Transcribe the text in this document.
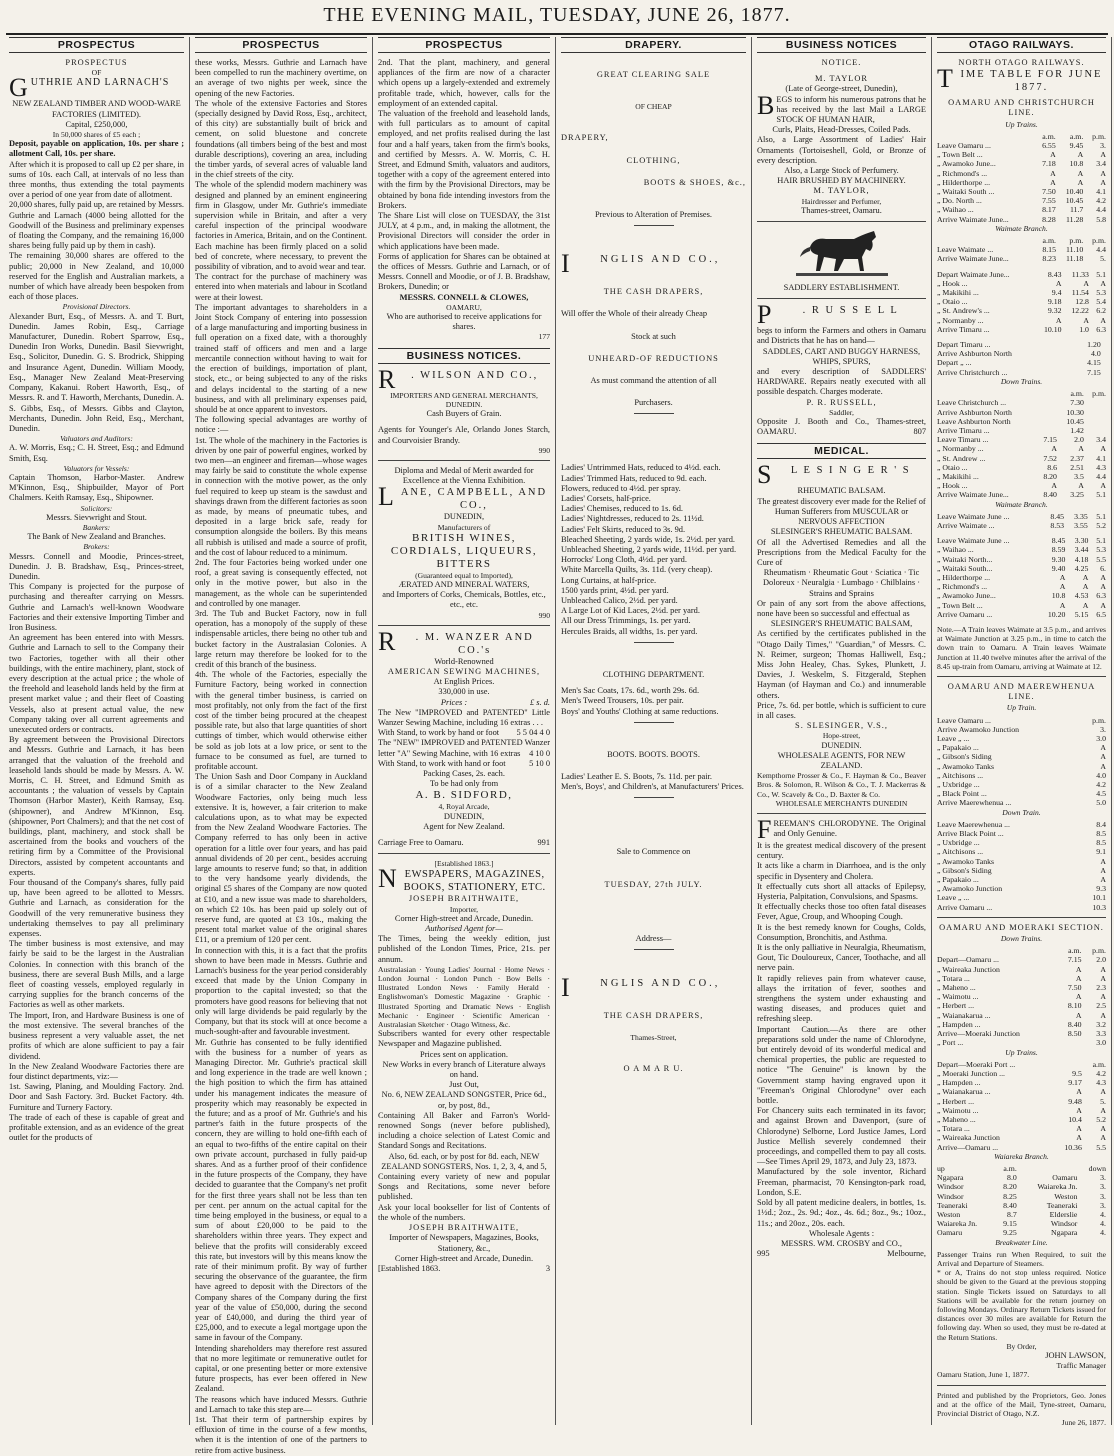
THE EVENING MAIL, TUESDAY, JUNE 26, 1877.
PROSPECTUS

PROSPECTUS

OF

GUTHRIE AND LARNACH'S

NEW ZEALAND TIMBER AND WOOD-WARE FACTORIES (LIMITED).

Capital, £250,000,

In 50,000 shares of £5 each ;

Deposit, payable on application, 10s. per share ; allotment Call, 10s. per share.

After which it is proposed to call up £2 per share, in sums of 10s. each Call, at intervals of no less than three months, thus extending the total payments over a period of one year from date of allotment.

20,000 shares, fully paid up, are retained by Messrs. Guthrie and Larnach (4000 being allotted for the Goodwill of the Business and preliminary expenses of floating the Company, and the remaining 16,000 shares being fully paid up by them in cash).

The remaining 30,000 shares are offered to the public; 20,000 in New Zealand, and 10,000 reserved for the English and Australian markets, a number of which have already been bespoken from each of those places.

Provisional Directors.

Alexander Burt, Esq., of Messrs. A. and T. Burt, Dunedin. James Robin, Esq., Carriage Manufacturer, Dunedin. Robert Sparrow, Esq., Dunedin Iron Works, Dunedin. Basil Sievwright, Esq., Solicitor, Dunedin. G. S. Brodrick, Shipping and Insurance Agent, Dunedin. William Moody, Esq., Manager New Zealand Meat-Preserving Company, Kakanui. Robert Haworth, Esq., of Messrs. R. and T. Haworth, Merchants, Dunedin. A. S. Gibbs, Esq., of Messrs. Gibbs and Clayton, Merchants, Dunedin. John Reid, Esq., Merchant, Dunedin.

Valuators and Auditors:

A. W. Morris, Esq.; C. H. Street, Esq.; and Edmund Smith, Esq.

Valuators for Vessels:

Captain Thomson, Harbor-Master. Andrew M'Kinnon, Esq., Shipbuilder, Mayor of Port Chalmers. Keith Ramsay, Esq., Shipowner.

Solicitors:

Messrs. Sievwright and Stout.

Bankers:

The Bank of New Zealand and Branches.

Brokers:

Messrs. Connell and Moodie, Princes-street, Dunedin. J. B. Bradshaw, Esq., Princes-street, Dunedin.

This Company is projected for the purpose of purchasing and thereafter carrying on Messrs. Guthrie and Larnach's well-known Woodware Factories and their extensive Importing Timber and Iron Business.

An agreement has been entered into with Messrs. Guthrie and Larnach to sell to the Company their two Factories, together with all their other buildings, with the entire machinery, plant, stock of every description at the actual price ; the whole of the freehold and leasehold lands held by the firm at present market value ; and their fleet of Coasting Vessels, also at present actual value, the new Company taking over all current agreements and unexecuted orders or contracts.

By agreement between the Provisional Directors and Messrs. Guthrie and Larnach, it has been arranged that the valuation of the freehold and leasehold lands should be made by Messrs. A. W. Morris, C. H. Street, and Edmund Smith as accountants ; the valuation of vessels by Captain Thomson (Harbor Master), Keith Ramsay, Esq. (shipowner), and Andrew M'Kinnon, Esq. (shipowner, Port Chalmers); and that the net cost of buildings, plant, machinery, and stock shall be ascertained from the books and vouchers of the retiring firm by a Committee of the Provisional Directors, assisted by competent accountants and experts.

Four thousand of the Company's shares, fully paid up, have been agreed to be allotted to Messrs. Guthrie and Larnach, as consideration for the Goodwill of the very remunerative business they undertaking themselves to pay all preliminary expenses.

The timber business is most extensive, and may fairly be said to be the largest in the Australian Colonies. In connection with this branch of the business, there are several Bush Mills, and a large fleet of coasting vessels, employed regularly in carrying supplies for the branch concerns of the Factories as well as other markets.

The Import, Iron, and Hardware Business is one of the most extensive. The several branches of the business represent a very valuable asset, the net profits of which are alone sufficient to pay a fair dividend.

In the New Zealand Woodware Factories there are four distinct departments, viz:—

1st. Sawing, Planing, and Moulding Factory. 2nd. Door and Sash Factory. 3rd. Bucket Factory. 4th. Furniture and Turnery Factory.

The trade of each of these is capable of great and profitable extension, and as an evidence of the great outlet for the products of

PROSPECTUS

these works, Messrs. Guthrie and Larnach have been compelled to run the machinery overtime, on an average of two nights per week, since the opening of the new Factories.

The whole of the extensive Factories and Stores (specially designed by David Ross, Esq., architect, of this city) are substantially built of brick and cement, on solid bluestone and concrete foundations (all timbers being of the best and most durable descriptions), covering an area, including the timber yards, of several acres of valuable land in the chief streets of the city.

The whole of the splendid modern machinery was designed and planned by an eminent engineering firm in Glasgow, under Mr. Guthrie's immediate supervision while in Britain, and after a very careful inspection of the principal woodware factories in America, Britain, and on the Continent. Each machine has been firmly placed on a solid bed of concrete, where necessary, to prevent the possibility of vibration, and to avoid wear and tear.

The contract for the purchase of machinery was entered into when materials and labour in Scotland were at their lowest.

The important advantages to shareholders in a Joint Stock Company of entering into possession of a large manufacturing and importing business in full operation on a fixed date, with a thoroughly trained staff of officers and men and a large mercantile connection without having to wait for the erection of buildings, importation of plant, stock, etc., or being subjected to any of the risks and delays incidental to the starting of a new business, and with all preliminary expenses paid, should be at once apparent to investors.

The following special advantages are worthy of notice :—

1st. The whole of the machinery in the Factories is driven by one pair of powerful engines, worked by two men—an engineer and fireman—whose wages may fairly be said to constitute the whole expense in connection with the motive power, as the only fuel required to keep up steam is the sawdust and shavings drawn from the different factories as soon as made, by means of pneumatic tubes, and deposited in a large brick safe, ready for consumption alongside the boilers. By this means all rubbish is utilised and made a source of profit, and the cost of labour reduced to a minimum.

2nd. The four Factories being worked under one roof, a great saving is consequently effected, not only in the motive power, but also in the management, as the whole can be superintended and controlled by one manager.

3rd. The Tub and Bucket Factory, now in full operation, has a monopoly of the supply of these indispensable articles, there being no other tub and bucket factory in the Australasian Colonies. A large return may therefore be looked for to the credit of this branch of the business.

4th. The whole of the Factories, especially the Furniture Factory, being worked in connection with the general timber business, is carried on most profitably, not only from the fact of the first cost of the timber being procured at the cheapest possible rate, but also that large quantities of short cuttings of timber, which would otherwise either be sold as job lots at a low price, or sent to the furnace to be consumed as fuel, are turned to profitable account.

The Union Sash and Door Company in Auckland is of a similar character to the New Zealand Woodware Factories, only being much less extensive. It is, however, a fair criterion to make calculations upon, as to what may be expected from the New Zealand Woodware Factories. The Company referred to has only been in active operation for a little over four years, and has paid annual dividends of 20 per cent., besides accruing large amounts to reserve fund; so that, in addition to the very handsome yearly dividends, the original £5 shares of the Company are now quoted at £10, and a new issue was made to shareholders, on which £2 10s. has been paid up solely out of reserve fund, are quoted at £3 10s., making the present total market value of the original shares £11, or a premium of 120 per cent.

In connection with this, it is a fact that the profits shown to have been made in Messrs. Guthrie and Larnach's business for the year period considerably exceed that made by the Union Company in proportion to the capital invested; so that the promoters have good reasons for believing that not only will large dividends be paid regularly by the Company, but that its stock will at once become a much-sought-after and favourable investment.

Mr. Guthrie has consented to be fully identified with the business for a number of years as Managing Director. Mr. Guthrie's practical skill and long experience in the trade are well known ; the high position to which the firm has attained under his management indicates the measure of prosperity which may reasonably be expected in the future; and as a proof of Mr. Guthrie's and his partner's faith in the future prospects of the concern, they are willing to hold one-fifth each of an equal to two-fifths of the entire capital on their own private account, purchased in fully paid-up shares. And as a further proof of their confidence in the future prospects of the Company, they have decided to guarantee that the Company's net profit for the first three years shall not be less than ten per cent. per annum on the actual capital for the time being employed in the business, or equal to a sum of about £20,000 to be paid to the shareholders within three years. They expect and believe that the profits will considerably exceed this rate, but investors will by this means know the rate of their minimum profit. By way of further securing the observance of the guarantee, the firm have agreed to deposit with the Directors of the Company shares of the Company during the first year of the value of £50,000, during the second year of £40,000, and during the third year of £25,000, and to execute a legal mortgage upon the same in favour of the Company.

Intending shareholders may therefore rest assured that no more legitimate or remunerative outlet for capital, or one presenting better or more extensive future prospects, has ever been offered in New Zealand.

The reasons which have induced Messrs. Guthrie and Larnach to take this step are—

1st. That their term of partnership expires by effluxion of time in the course of a few months, when it is the intention of one of the partners to retire from active business.

PROSPECTUS

2nd. That the plant, machinery, and general appliances of the firm are now of a character which opens up a largely-extended and extremely profitable trade, which, however, calls for the employment of an extended capital.

The valuation of the freehold and leasehold lands, with full particulars as to amount of capital employed, and net profits realised during the last four and a half years, taken from the firm's books, and certified by Messrs. A. W. Morris, C. H. Street, and Edmund Smith, valuators and auditors, together with a copy of the agreement entered into with the firm by the Provisional Directors, may be obtained by bona fide intending investors from the Brokers.

The Share List will close on TUESDAY, the 31st JULY, at 4 p.m., and, in making the allotment, the Provisional Directors will consider the order in which applications have been made.

Forms of application for Shares can be obtained at the offices of Messrs. Guthrie and Larnach, or of Messrs. Connell and Moodie, or of J. B. Bradshaw, Brokers, Dunedin; or

MESSRS. CONNELL & CLOWES,

OAMARU,

Who are authorised to receive applications for shares.

177

BUSINESS NOTICES.

R . WILSON AND CO.,

IMPORTERS AND GENERAL MERCHANTS, DUNEDIN.

Cash Buyers of Grain.

Agents for Younger's Ale, Orlando Jones Starch, and Courvoisier Brandy.

990

Diploma and Medal of Merit awarded for Excellence at the Vienna Exhibition.

LANE, CAMPBELL, AND CO.,

DUNEDIN,

Manufacturers of

BRITISH WINES, CORDIALS, LIQUEURS, BITTERS

(Guaranteed equal to Imported),

ÆRATED AND MINERAL WATERS,

and Importers of Corks, Chemicals, Bottles, etc., etc., etc.

990

R . M. WANZER AND CO.'s

World-Renowned

AMERICAN SEWING MACHINES,

At English Prices.

330,000 in use.

Prices :	£ s. d.

The New "IMPROVED and PATENTED" Little Wanzer Sewing Machine, including 16 extras . . .
4 4 0

With Stand, to work by hand or foot 5 5 0

The "NEW" IMPROVED and PATENTED Wanzer letter "A" Sewing Machine, with 16 extras 4 10 0

With Stand, to work with hand or foot	5 10 0

Packing Cases, 2s. each.

To be had only from

A. B. SIDFORD,

4, Royal Arcade,

DUNEDIN,

Agent for New Zealand.

Carriage Free to Oamaru.	991

[Established 1863.]

NEWSPAPERS, MAGAZINES, BOOKS, STATIONERY, ETC.

JOSEPH BRAITHWAITE,

Importer,

Corner High-street and Arcade, Dunedin.

Authorised Agent for—

The Times, being the weekly edition, just published of the London Times, Price, 21s. per annum.

Australasian · Young Ladies' Journal · Home News · London Journal · London Punch · Bow Bells · Illustrated London News · Family Herald · Englishwoman's Domestic Magazine · Graphic · Illustrated Sporting and Dramatic News · English Mechanic · Engineer · Scientific American · Australasian Sketcher · Otago Witness, &c.

Subscribers wanted for every other respectable Newspaper and Magazine published.

Prices sent on application.

New Works in every branch of Literature always on hand.

Just Out,

No. 6, NEW ZEALAND SONGSTER, Price 6d., or, by post, 8d.,

Containing All Baker and Farron's World-renowned Songs (never before published), including a choice selection of Latest Comic and Standard Songs and Recitations.

Also, 6d. each, or by post for 8d. each, NEW ZEALAND SONGSTERS, Nos. 1, 2, 3, 4, and 5,

Containing every variety of new and popular Songs and Recitations, some never before published.

Ask your local bookseller for list of Contents of the whole of the numbers.

JOSEPH BRAITHWAITE,

Importer of Newspapers, Magazines, Books, Stationery, &c.,

Corner High-street and Arcade, Dunedin.

[Established 1863.	3

DRAPERY.

GREAT CLEARING SALE

OF CHEAP

DRAPERY,

CLOTHING,

BOOTS & SHOES, &c.,

Previous to Alteration of Premises.

I	NGLIS AND CO.,

THE CASH DRAPERS,

Will offer the Whole of their already Cheap

Stock at such

UNHEARD-OF REDUCTIONS

As must command the attention of all

Purchasers.

Ladies' Untrimmed Hats, reduced to 4½d. each.

Ladies' Trimmed Hats, reduced to 9d. each.

Flowers, reduced to 4½d. per spray.

Ladies' Corsets, half-price.

Ladies' Chemises, reduced to 1s. 6d.

Ladies' Nightdresses, reduced to 2s. 11½d.

Ladies' Felt Skirts, reduced to 3s. 9d.

Bleached Sheeting, 2 yards wide, 1s. 2½d. per yard.

Unbleached Sheeting, 2 yards wide, 11½d. per yard.

Horrocks' Long Cloth, 4½d. per yard.

White Marcella Quilts, 3s. 11d. (very cheap).

Long Curtains, at half-price.

1500 yards print, 4½d. per yard.

Unbleached Calico, 2½d. per yard.

A Large Lot of Kid Laces, 2½d. per yard.

All our Dress Trimmings, 1s. per yard.

Hercules Braids, all widths, 1s. per yard.

CLOTHING DEPARTMENT.

Men's Sac Coats, 17s. 6d., worth 29s. 6d.

Men's Tweed Trousers, 10s. per pair.

Boys' and Youths' Clothing at same reductions.

BOOTS. BOOTS. BOOTS.

Ladies' Leather E. S. Boots, 7s. 11d. per pair.

Men's, Boys', and Children's, at Manufacturers' Prices.

Sale to Commence on

TUESDAY, 27th JULY.

Address—

I	NGLIS AND CO.,

THE CASH DRAPERS,

Thames-Street,

O A M A R U.

BUSINESS NOTICES

NOTICE.

M. TAYLOR

(Late of George-street, Dunedin),

BEGS to inform his numerous patrons that he has received by the last Mail a LARGE STOCK OF HUMAN HAIR,

Curls, Plaits, Head-Dresses, Coiled Pads.

Also, a Large Assortment of Ladies' Hair Ornaments (Tortoiseshell, Gold, or Bronze of every description.

Also, a Large Stock of Perfumery.

HAIR BRUSHED BY MACHINERY.

M. TAYLOR,

Hairdresser and Perfumer,

Thames-street, Oamaru.

SADDLERY ESTABLISHMENT.

P	. R U S S E L L

begs to inform the Farmers and others in Oamaru and Districts that he has on hand—

SADDLES, CART AND BUGGY HARNESS, WHIPS, SPURS,

and every description of SADDLERS' HARDWARE. Repairs neatly executed with all possible despatch. Charges moderate.

P. R. RUSSELL,

Saddler,

Opposite J. Booth and Co., Thames-street, OAMARU.	807

MEDICAL.

S L E S I N G E R ' S

RHEUMATIC BALSAM.

The greatest discovery ever made for the Relief of Human Sufferers from MUSCULAR or NERVOUS AFFECTION

SLESINGER'S RHEUMATIC BALSAM.

Of all the Advertised Remedies and all the Prescriptions from the Medical Faculty for the Cure of

Rheumatism · Rheumatic Gout · Sciatica · Tic Doloreux · Neuralgia · Lumbago · Chilblains · Strains and Sprains

Or pain of any sort from the above affections, none have been so successful and effectual as

SLESINGER'S RHEUMATIC BALSAM,

As certified by the certificates published in the "Otago Daily Times," "Guardian," of Messrs. C. N. Reimer, surgeon; Thomas Halliwell, Esq.; Miss John Healey, Chas. Sykes, Plunkett, J. Davies, J. Weskelm, S. Fitzgerald, Stephen Hayman (of Hayman and Co.) and innumerable others.

Price, 7s. 6d. per bottle, which is sufficient to cure in all cases.

S. SLESINGER, V.S.,

Hope-street,

DUNEDIN.

WHOLESALE AGENTS, FOR NEW ZEALAND.

Kempthorne Prosser & Co., F. Hayman & Co., Beaver Bros. & Solomon, R. Wilson & Co., T. J. Mackerras & Co., W. Scavely & Co., D. Baxter & Co.

WHOLESALE MERCHANTS DUNEDIN

FREEMAN'S CHLORODYNE. The Original and Only Genuine.

It is the greatest medical discovery of the present century.

It acts like a charm in Diarrhoea, and is the only specific in Dysentery and Cholera.

It effectually cuts short all attacks of Epilepsy, Hysteria, Palpitation, Convulsions, and Spasms.

It effectually checks those too often fatal diseases Fever, Ague, Croup, and Whooping Cough.

It is the best remedy known for Coughs, Colds, Consumption, Bronchitis, and Asthma.

It is the only palliative in Neuralgia, Rheumatism, Gout, Tic Douloureux, Cancer, Toothache, and all nerve pain.

It rapidly relieves pain from whatever cause, allays the irritation of fever, soothes and strengthens the system under exhausting and wasting diseases, and produces quiet and refreshing sleep.

Important Caution.—As there are other preparations sold under the name of Chlorodyne, but entirely devoid of its wonderful medical and chemical properties, the public are requested to notice "The Genuine" is known by the Government stamp having engraved upon it "Freeman's Original Chlorodyne" over each bottle.

For Chancery suits each terminated in its favor; and against Brown and Davenport, (sure of Chlorodyne) Selborne, Lord Justice James, Lord Justice Mellish severely condemned their proceedings, and compelled them to pay all costs.—See Times April 29, 1873, and July 23, 1873.

Manufactured by the sole inventor, Richard Freeman, pharmacist, 70 Kensington-park road, London, S.E.

Sold by all patent medicine dealers, in bottles, 1s. 1½d.; 2oz., 2s. 9d.; 4oz., 4s. 6d.; 8oz., 9s.; 10oz., 11s.; and 20oz., 20s. each.

Wholesale Agents :

MESSRS. WM. CROSBY and CO.,

995	Melbourne,

OTAGO RAILWAYS.

NORTH OTAGO RAILWAYS.

TIME TABLE FOR JUNE 1877.

OAMARU AND CHRISTCHURCH LINE.

Up Trains.

	a.m.	a.m.	p.m.
Leave Oamaru ...	6.55	9.45	3.
„ Town Belt ...	A	A	A
„ Awamoko June...	7.18	10.8	3.4
„ Richmond's ...	A	A	A
„ Hilderthorpe ...	A	A	A
„ Waitaki South ...	7.50	10.40	4.1
„ Do. North ...	7.55	10.45	4.2
„ Waihao ...	8.17	11.7	4.4
Arrive Waimate June...	8.28	11.28	5.8

Waimate Branch.

	a.m.	p.m.	p.m.
Leave Waimate ...	8.15	11.10	4.4
Arrive Waimate June...	8.23	11.18	5.
Depart Waimate June...	8.43	11.33	5.1
„ Hook ...	A	A	A
„ Makikihi ...	9.4	11.54	5.3
„ Otaio ...	9.18	12.8	5.4
„ St. Andrew's ...	9.32	12.22	6.2
„ Normanby ...	A	A	A
Arrive Timaru ...	10.10	1.0	6.3
Depart Timaru ...		1.20	
Arrive Ashburton North		4.0	
Depart „ ...		4.15	
Arrive Christchurch ...		7.15	

Down Trains.

		a.m.	p.m.
Leave Christchurch ...		7.30	
Arrive Ashburton North		10.30	
Leave Ashburton North		10.45	
Arrive Timaru ...		1.42	
Leave Timaru ...	7.15	2.0	3.4
„ Normanby ...	A	A	A
„ St. Andrew ...	7.52	2.37	4.1
„ Otaio ...	8.6	2.51	4.3
„ Makikihi ...	8.20	3.5	4.4
„ Hook ...	A	A	A
Arrive Waimate June...	8.40	3.25	5.1

Waimate Branch.

Leave Waimate June ...	8.45	3.35	5.1
Arrive Waimate ...	8.53	3.55	5.2
Leave Waimate June ...	8.45	3.30	5.1
„ Waihao ...	8.59	3.44	5.3
„ Waitaki North...	9.30	4.18	5.5
„ Waitaki South...	9.40	4.25	6.
„ Hilderthorpe ...	A	A	A
„ Richmond's ...	A	A	A
„ Awamoko June...	10.8	4.53	6.3
„ Town Belt ...	A	A	A
Arrive Oamaru ...	10.20	5.15	6.5

Note.—A Train leaves Waimate at 3.5 p.m., and arrives at Waimate Junction at 3.25 p.m., in time to catch the down train to Oamaru. A Train leaves Waimate Junction at 11.40 twelve minutes after the arrival of the 8.45 up-train from Oamaru, arriving at Waimate at 12.

OAMARU AND MAEREWHENUA LINE.

Up Train.

Leave Oamaru ...	p.m.
Arrive Awamoko Junction	3.
Leave „ ...	3.0
„ Papakaio ...	A
„ Gibson's Siding	A
„ Awamoko Tanks	A
„ Aitchisons ...	4.0
„ Uxbridge ...	4.2
„ Black Point ...	4.5
Arrive Maerewhenua ...	5.0

Down Train.

Leave Maerewhenua ...	8.4
Arrive Black Point ...	8.5
„ Uxbridge ...	8.5
„ Aitchisons ...	9.1
„ Awamoko Tanks	A
„ Gibson's Siding	A
„ Papakaio ...	A
„ Awamoko Junction	9.3
Leave „ ...	10.1
Arrive Oamaru ...	10.3

OAMARU AND MOERAKI SECTION.

Down Trains.

	a.m.	p.m.
Depart—Oamaru ...	7.15	2.0
„ Waireaka Junction	A	A
„ Totara ...	A	A
„ Maheno ...	7.50	2.3
„ Waimotu ...	A	A
„ Herbert ...	8.10	2.5
„ Waianakarua ...	A	A
„ Hampden ...	8.40	3.2
Arrive—Moeraki Junction	8.50	3.3
„ Port ...		3.0

Up Trains.

Depart—Moeraki Port ...		a.m.
„ Moeraki Junction ...	9.5	4.2
„ Hampden ...	9.17	4.3
„ Waianakarua ...	A	A
„ Herbert ...	9.48	5.
„ Waimotu ...	A	A
„ Maheno ...	10.4	5.2
„ Totara ...	A	A
„ Waireaka Junction	A	A
Arrive—Oamaru ...	10.36	5.5

Waiareka Branch.

up	a.m.		down
Ngapara	8.0	Oamaru	3.
Windsor	8.20	Waiareka Jn.	3.
Windsor	8.25	Weston	3.
Teaneraki	8.40	Teaneraki	3.
Weston	8.7	Elderslie	4.
Waiareka Jn.	9.15	Windsor	4.
Oamaru	9.25	Ngapara	4.

Breakwater Line.

Passenger Trains run When Required, to suit the Arrival and Departure of Steamers.

* or A, Trains do not stop unless required. Notice should be given to the Guard at the previous stopping station. Single Tickets issued on Saturdays to all Stations will be available for the return journey on following Mondays. Ordinary Return Tickets issued for distances over 30 miles are available for Return the following day. When so used, they must be re-dated at the Return Stations.

By Order,

JOHN LAWSON,

Traffic Manager

Oamaru Station, June 1, 1877.

Printed and published by the Proprietors, Geo. Jones and at the office of the Mail, Tyne-street, Oamaru, Provincial District of Otago, N.Z.

June 26, 1877.
